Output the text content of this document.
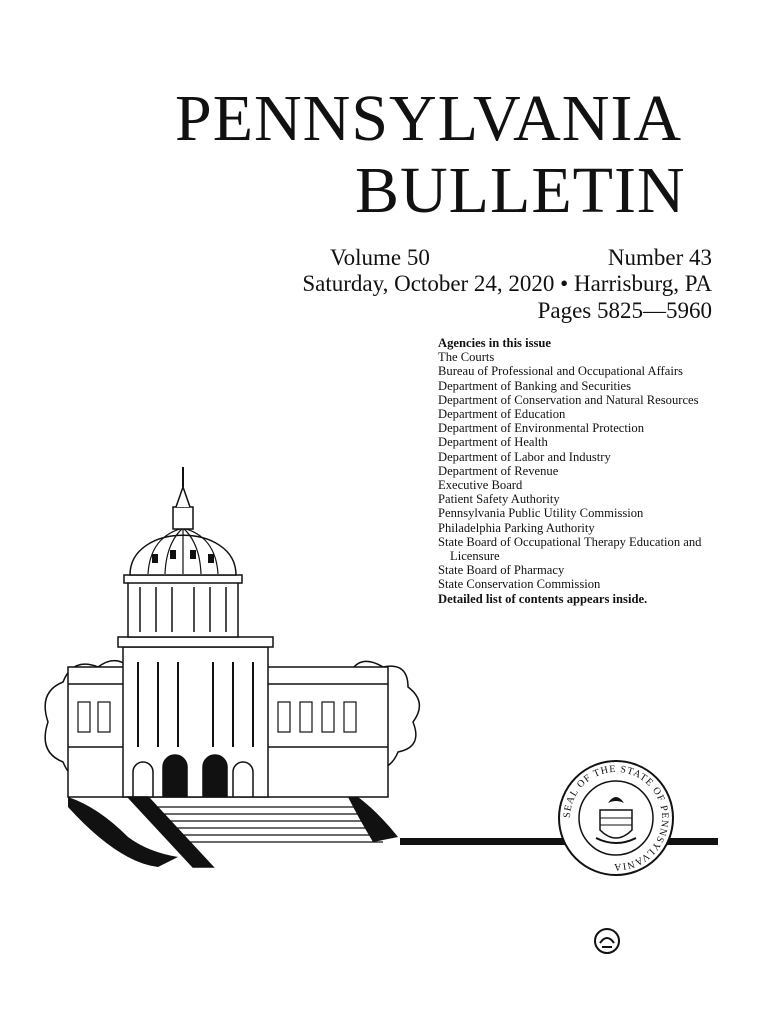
PENNSYLVANIA
BULLETIN
Volume 50	Number 43
Saturday, October 24, 2020 • Harrisburg, PA
Pages 5825—5960
Agencies in this issue
The Courts
Bureau of Professional and Occupational Affairs
Department of Banking and Securities
Department of Conservation and Natural Resources
Department of Education
Department of Environmental Protection
Department of Health
Department of Labor and Industry
Department of Revenue
Executive Board
Patient Safety Authority
Pennsylvania Public Utility Commission
Philadelphia Parking Authority
State Board of Occupational Therapy Education and Licensure
State Board of Pharmacy
State Conservation Commission
Detailed list of contents appears inside.
SEAL OF THE STATE OF PENNSYLVANIA
